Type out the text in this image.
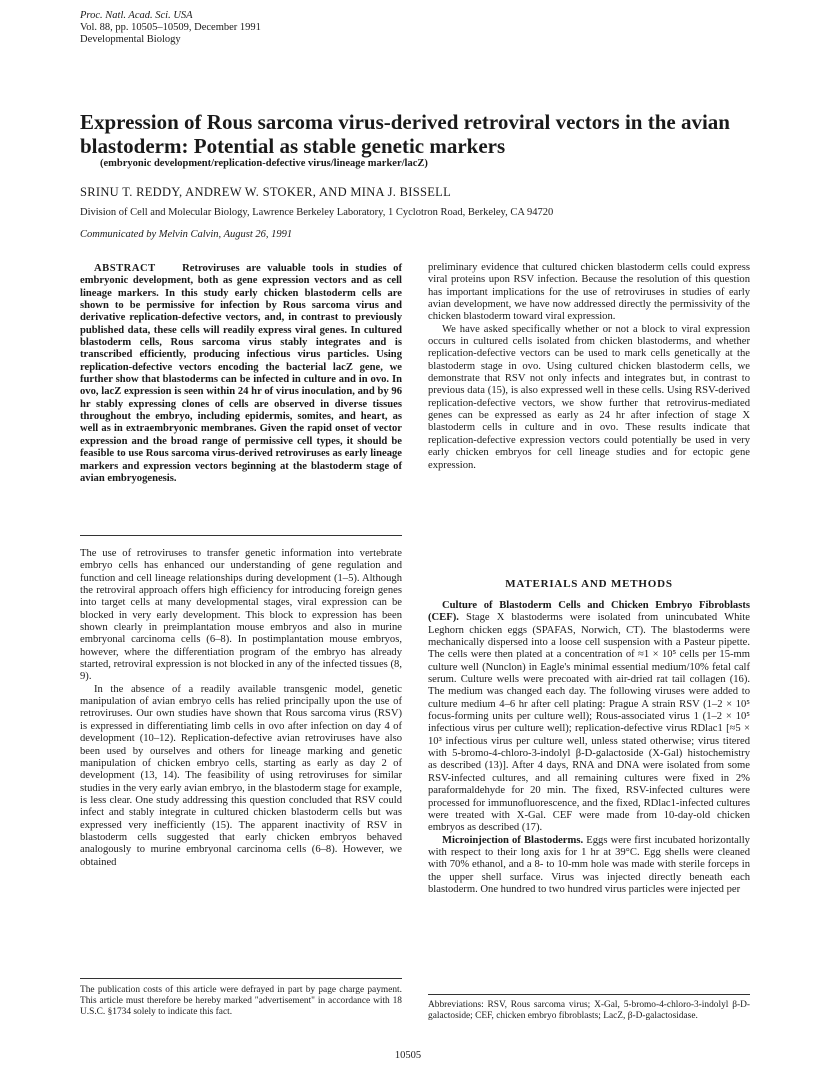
Proc. Natl. Acad. Sci. USA
Vol. 88, pp. 10505–10509, December 1991
Developmental Biology
Expression of Rous sarcoma virus-derived retroviral vectors in the avian blastoderm: Potential as stable genetic markers
(embryonic development/replication-defective virus/lineage marker/lacZ)
SRINU T. REDDY, ANDREW W. STOKER, AND MINA J. BISSELL
Division of Cell and Molecular Biology, Lawrence Berkeley Laboratory, 1 Cyclotron Road, Berkeley, CA 94720
Communicated by Melvin Calvin, August 26, 1991

ABSTRACT Retroviruses are valuable tools in studies of embryonic development, both as gene expression vectors and as cell lineage markers. In this study early chicken blastoderm cells are shown to be permissive for infection by Rous sarcoma virus and derivative replication-defective vectors, and, in contrast to previously published data, these cells will readily express viral genes. In cultured blastoderm cells, Rous sarcoma virus stably integrates and is transcribed efficiently, producing infectious virus particles. Using replication-defective vectors encoding the bacterial lacZ gene, we further show that blastoderms can be infected in culture and in ovo. In ovo, lacZ expression is seen within 24 hr of virus inoculation, and by 96 hr stably expressing clones of cells are observed in diverse tissues throughout the embryo, including epidermis, somites, and heart, as well as in extraembryonic membranes. Given the rapid onset of vector expression and the broad range of permissive cell types, it should be feasible to use Rous sarcoma virus-derived retroviruses as early lineage markers and expression vectors beginning at the blastoderm stage of avian embryogenesis.

The use of retroviruses to transfer genetic information into vertebrate embryo cells has enhanced our understanding of gene regulation and function and cell lineage relationships during development (1–5). Although the retroviral approach offers high efficiency for introducing foreign genes into target cells at many developmental stages, viral expression can be blocked in very early development. This block to expression has been shown clearly in preimplantation mouse embryos and also in murine embryonal carcinoma cells (6–8). In postimplantation mouse embryos, however, where the differentiation program of the embryo has already started, retroviral expression is not blocked in any of the infected tissues (8, 9).

In the absence of a readily available transgenic model, genetic manipulation of avian embryo cells has relied principally upon the use of retroviruses. Our own studies have shown that Rous sarcoma virus (RSV) is expressed in differentiating limb cells in ovo after infection on day 4 of development (10–12). Replication-defective avian retroviruses have also been used by ourselves and others for lineage marking and genetic manipulation of chicken embryo cells, starting as early as day 2 of development (13, 14). The feasibility of using retroviruses for similar studies in the very early avian embryo, in the blastoderm stage for example, is less clear. One study addressing this question concluded that RSV could infect and stably integrate in cultured chicken blastoderm cells but was expressed very inefficiently (15). The apparent inactivity of RSV in blastoderm cells suggested that early chicken embryos behaved analogously to murine embryonal carcinoma cells (6–8). However, we obtained

The publication costs of this article were defrayed in part by page charge payment. This article must therefore be hereby marked "advertisement" in accordance with 18 U.S.C. §1734 solely to indicate this fact.

preliminary evidence that cultured chicken blastoderm cells could express viral proteins upon RSV infection. Because the resolution of this question has important implications for the use of retroviruses in studies of early avian development, we have now addressed directly the permissivity of the chicken blastoderm toward viral expression.

We have asked specifically whether or not a block to viral expression occurs in cultured cells isolated from chicken blastoderms, and whether replication-defective vectors can be used to mark cells genetically at the blastoderm stage in ovo. Using cultured chicken blastoderm cells, we demonstrate that RSV not only infects and integrates but, in contrast to previous data (15), is also expressed well in these cells. Using RSV-derived replication-defective vectors, we show further that retrovirus-mediated genes can be expressed as early as 24 hr after infection of stage X blastoderm cells in culture and in ovo. These results indicate that replication-defective expression vectors could potentially be used in very early chicken embryos for cell lineage studies and for ectopic gene expression.

MATERIALS AND METHODS

Culture of Blastoderm Cells and Chicken Embryo Fibroblasts (CEF). Stage X blastoderms were isolated from unincubated White Leghorn chicken eggs (SPAFAS, Norwich, CT). The blastoderms were mechanically dispersed into a loose cell suspension with a Pasteur pipette. The cells were then plated at a concentration of ≈1 × 10⁵ cells per 15-mm culture well (Nunclon) in Eagle's minimal essential medium/10% fetal calf serum. Culture wells were precoated with air-dried rat tail collagen (16). The medium was changed each day. The following viruses were added to culture medium 4–6 hr after cell plating: Prague A strain RSV (1–2 × 10⁵ focus-forming units per culture well); Rous-associated virus 1 (1–2 × 10⁵ infectious virus per culture well); replication-defective virus RDlac1 [≈5 × 10³ infectious virus per culture well, unless stated otherwise; virus titered with 5-bromo-4-chloro-3-indolyl β-D-galactoside (X-Gal) histochemistry as described (13)]. After 4 days, RNA and DNA were isolated from some RSV-infected cultures, and all remaining cultures were fixed in 2% paraformaldehyde for 20 min. The fixed, RSV-infected cultures were processed for immunofluorescence, and the fixed, RDlac1-infected cultures were treated with X-Gal. CEF were made from 10-day-old chicken embryos as described (17).

Microinjection of Blastoderms. Eggs were first incubated horizontally with respect to their long axis for 1 hr at 39°C. Egg shells were cleaned with 70% ethanol, and a 8- to 10-mm hole was made with sterile forceps in the upper shell surface. Virus was injected directly beneath each blastoderm. One hundred to two hundred virus particles were injected per

Abbreviations: RSV, Rous sarcoma virus; X-Gal, 5-bromo-4-chloro-3-indolyl β-D-galactoside; CEF, chicken embryo fibroblasts; LacZ, β-D-galactosidase.
10505
